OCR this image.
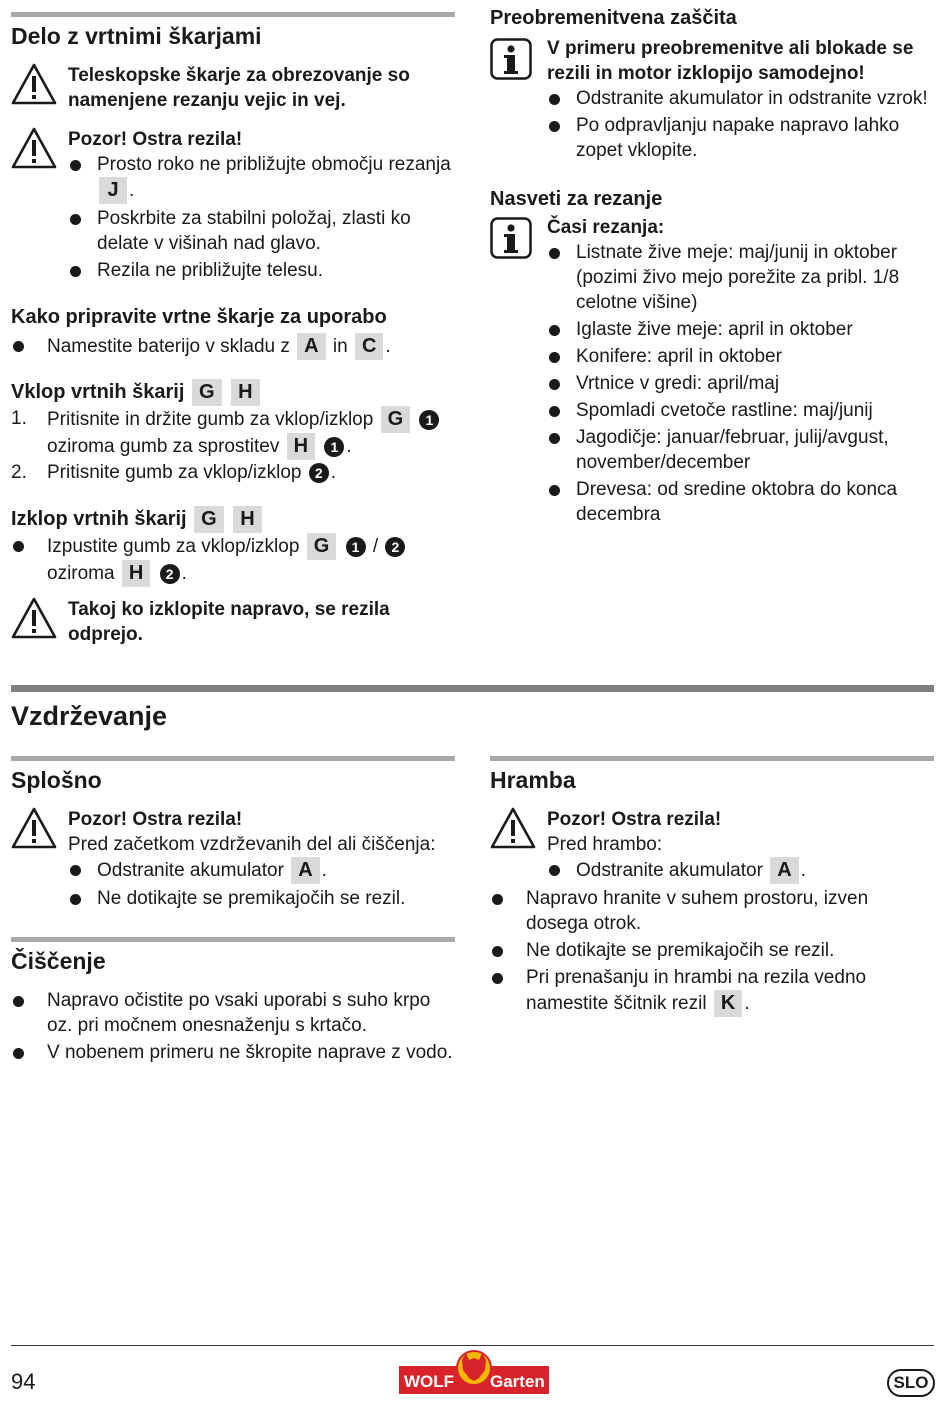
Delo z vrtnimi škarjami
Teleskopske škarje za obrezovanje so namenjene rezanju vejic in vej.
Pozor! Ostra rezila!
Prosto roko ne približujte območju rezanja J .
Poskrbite za stabilni položaj, zlasti ko delate v višinah nad glavo.
Rezila ne približujte telesu.
Kako pripravite vrtne škarje za uporabo
Namestite baterijo v skladu z A in C .
Vklop vrtnih škarij G H
1. Pritisnite in držite gumb za vklop/izklop G 1
oziroma gumb za sprostitev H 1 .
2. Pritisnite gumb za vklop/izklop 2 .
Izklop vrtnih škarij G H
Izpustite gumb za vklop/izklop G 1 / 2
oziroma H 2 .
Takoj ko izklopite napravo, se rezila odprejo.
Preobremenitvena zaščita
V primeru preobremenitve ali blokade se rezili in motor izklopijo samodejno!
Odstranite akumulator in odstranite vzrok!
Po odpravljanju napake napravo lahko zopet vklopite.
Nasveti za rezanje
Časi rezanja:
Listnate žive meje: maj/junij in oktober (pozimi živo mejo porežite za pribl. 1/8 celotne višine)
Iglaste žive meje: april in oktober
Konifere: april in oktober
Vrtnice v gredi: april/maj
Spomladi cvetoče rastline: maj/junij
Jagodičje: januar/februar, julij/avgust, november/december
Drevesa: od sredine oktobra do konca decembra
Vzdrževanje
Splošno
Pozor! Ostra rezila!
Pred začetkom vzdrževanih del ali čiščenja:
Odstranite akumulator A .
Ne dotikajte se premikajočih se rezil.
Čiščenje
Napravo očistite po vsaki uporabi s suho krpo oz. pri močnem onesnaženju s krtačo.
V nobenem primeru ne škropite naprave z vodo.
Hramba
Pozor! Ostra rezila!
Pred hrambo:
Odstranite akumulator A .
Napravo hranite v suhem prostoru, izven dosega otrok.
Ne dotikajte se premikajočih se rezil.
Pri prenašanju in hrambi na rezila vedno namestite ščitnik rezil K .
94	WOLF Garten	SLO
